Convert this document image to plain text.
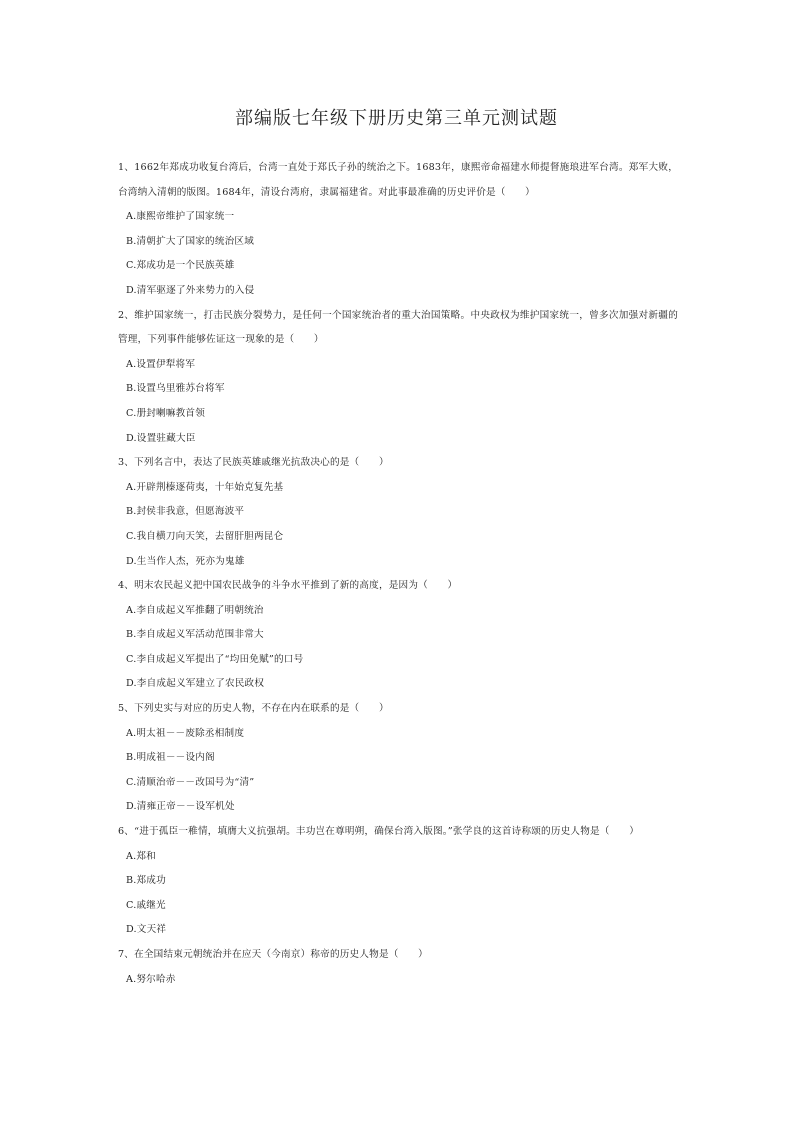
部编版七年级下册历史第三单元测试题

1、1662年郑成功收复台湾后，台湾一直处于郑氏子孙的统治之下。1683年，康熙帝命福建水师提督施琅进军台湾。郑军大败，台湾纳入清朝的版图。1684年，清设台湾府，隶属福建省。对此事最准确的历史评价是（　　）

A.康熙帝维护了国家统一

B.清朝扩大了国家的统治区域

C.郑成功是一个民族英雄

D.清军驱逐了外来势力的入侵

2、维护国家统一，打击民族分裂势力，是任何一个国家统治者的重大治国策略。中央政权为维护国家统一，曾多次加强对新疆的管理，下列事件能够佐证这一现象的是（　　）

A.设置伊犁将军

B.设置乌里雅苏台将军

C.册封喇嘛教首领

D.设置驻藏大臣

3、下列名言中，表达了民族英雄戚继光抗敌决心的是（　　）

A.开辟荆榛逐荷夷，十年始克复先基

B.封侯非我意，但愿海波平

C.我自横刀向天笑，去留肝胆两昆仑

D.生当作人杰，死亦为鬼雄

4、明末农民起义把中国农民战争的斗争水平推到了新的高度，是因为（　　）

A.李自成起义军推翻了明朝统治

B.李自成起义军活动范围非常大

C.李自成起义军提出了“均田免赋”的口号

D.李自成起义军建立了农民政权

5、下列史实与对应的历史人物，不存在内在联系的是（　　）

A.明太祖－－废除丞相制度

B.明成祖－－设内阁

C.清顺治帝－－改国号为“清”

D.清雍正帝－－设军机处

6、“进于孤臣一稚情，填膺大义抗强胡。丰功岂在尊明朔，确保台湾入版图。”张学良的这首诗称颂的历史人物是（　　）

A.郑和

B.郑成功

C.戚继光

D.文天祥

7、在全国结束元朝统治并在应天（今南京）称帝的历史人物是（　　）

A.努尔哈赤
